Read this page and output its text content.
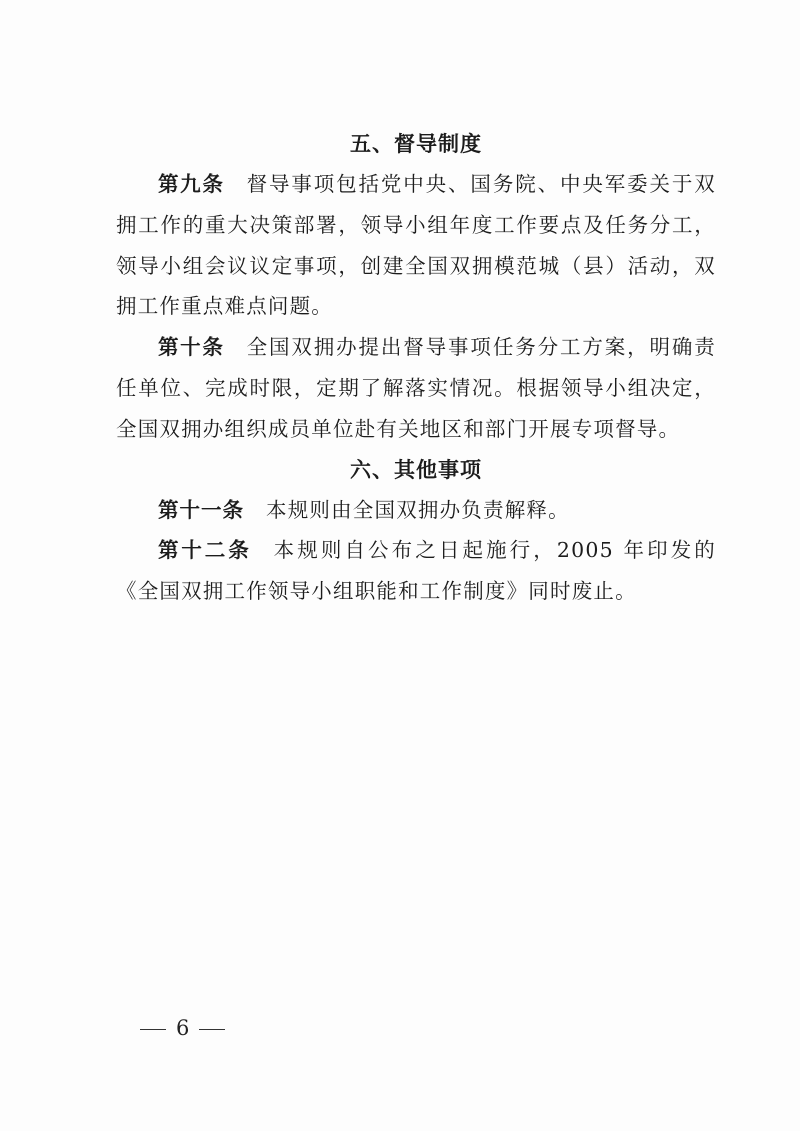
五、督导制度

第九条 督导事项包括党中央、国务院、中央军委关于双拥工作的重大决策部署，领导小组年度工作要点及任务分工，领导小组会议议定事项，创建全国双拥模范城（县）活动，双拥工作重点难点问题。

第十条 全国双拥办提出督导事项任务分工方案，明确责任单位、完成时限，定期了解落实情况。根据领导小组决定，全国双拥办组织成员单位赴有关地区和部门开展专项督导。

六、其他事项

第十一条 本规则由全国双拥办负责解释。

第十二条 本规则自公布之日起施行，2005 年印发的《全国双拥工作领导小组职能和工作制度》同时废止。

6
